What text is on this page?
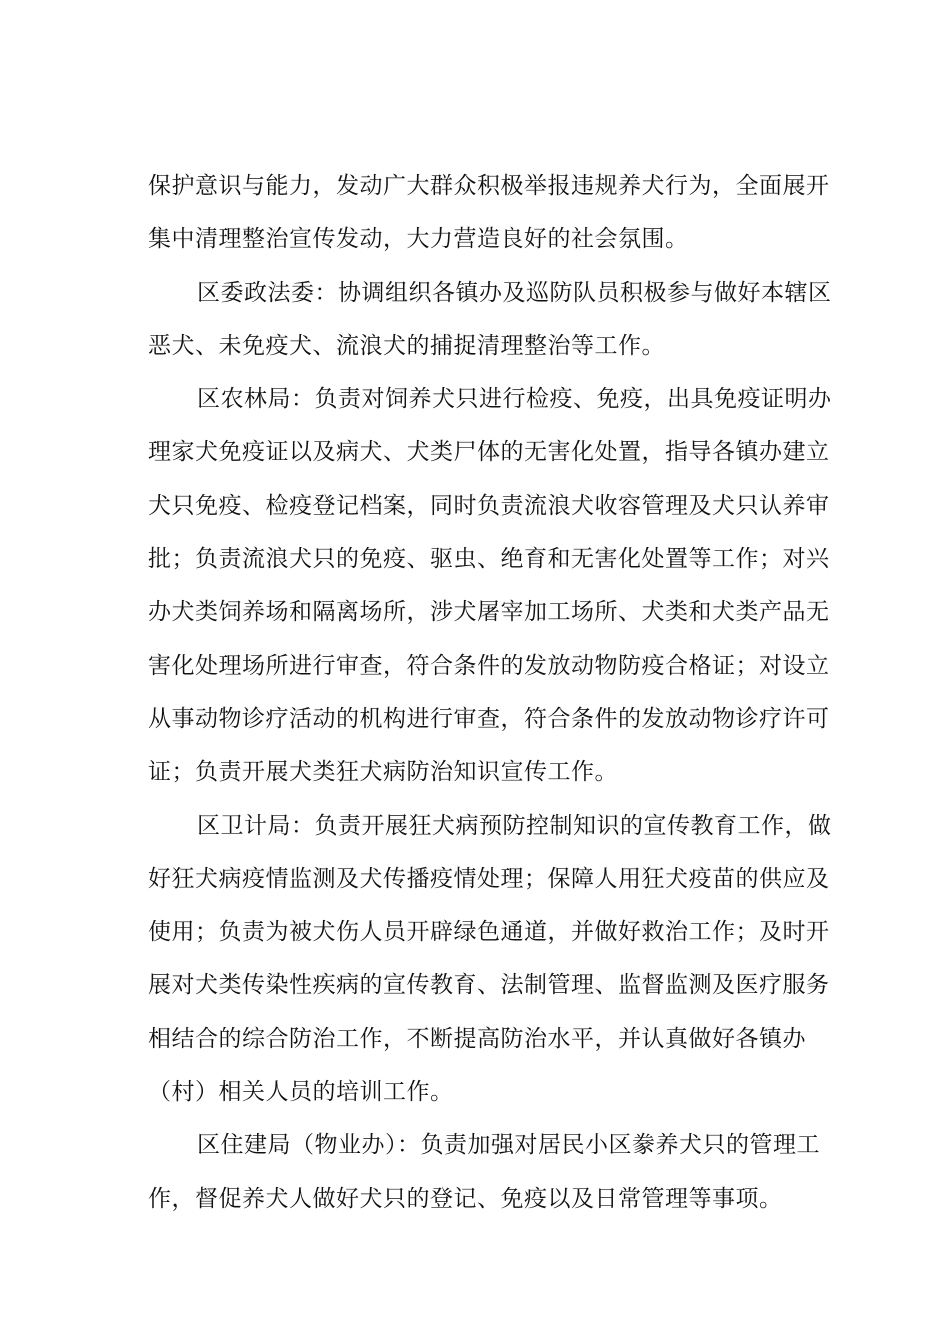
保护意识与能力，发动广大群众积极举报违规养犬行为，全面展开
集中清理整治宣传发动，大力营造良好的社会氛围。
区委政法委：协调组织各镇办及巡防队员积极参与做好本辖区
恶犬、未免疫犬、流浪犬的捕捉清理整治等工作。
区农林局：负责对饲养犬只进行检疫、免疫，出具免疫证明办
理家犬免疫证以及病犬、犬类尸体的无害化处置，指导各镇办建立
犬只免疫、检疫登记档案，同时负责流浪犬收容管理及犬只认养审
批；负责流浪犬只的免疫、驱虫、绝育和无害化处置等工作；对兴
办犬类饲养场和隔离场所，涉犬屠宰加工场所、犬类和犬类产品无
害化处理场所进行审查，符合条件的发放动物防疫合格证；对设立
从事动物诊疗活动的机构进行审查，符合条件的发放动物诊疗许可
证；负责开展犬类狂犬病防治知识宣传工作。
区卫计局：负责开展狂犬病预防控制知识的宣传教育工作，做
好狂犬病疫情监测及犬传播疫情处理；保障人用狂犬疫苗的供应及
使用；负责为被犬伤人员开辟绿色通道，并做好救治工作；及时开
展对犬类传染性疾病的宣传教育、法制管理、监督监测及医疗服务
相结合的综合防治工作，不断提高防治水平，并认真做好各镇办
（村）相关人员的培训工作。
区住建局（物业办）：负责加强对居民小区豢养犬只的管理工
作，督促养犬人做好犬只的登记、免疫以及日常管理等事项。
